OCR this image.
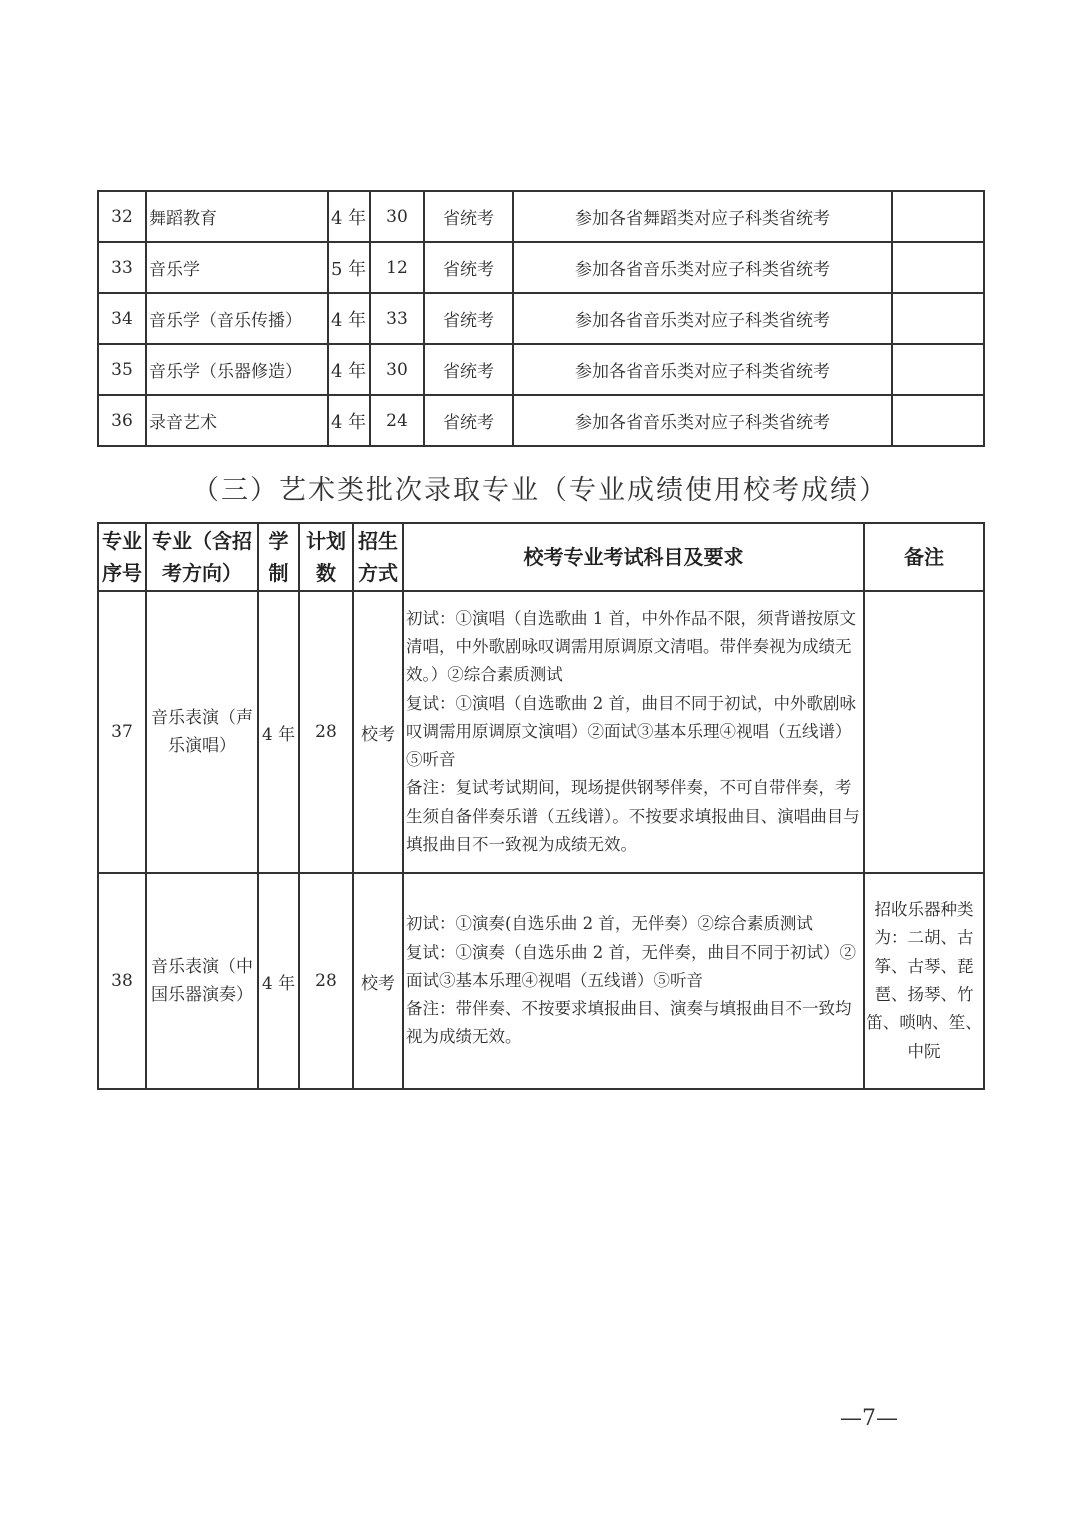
32	舞蹈教育	4 年	30	省统考	参加各省舞蹈类对应子科类省统考	
33	音乐学	5 年	12	省统考	参加各省音乐类对应子科类省统考	
34	音乐学（音乐传播）	4 年	33	省统考	参加各省音乐类对应子科类省统考	
35	音乐学（乐器修造）	4 年	30	省统考	参加各省音乐类对应子科类省统考	
36	录音艺术	4 年	24	省统考	参加各省音乐类对应子科类省统考	
（三）艺术类批次录取专业（专业成绩使用校考成绩）
专业序号	专业（含招考方向）	学制	计划数	招生方式	校考专业考试科目及要求	备注
37	音乐表演（声乐演唱）	4 年	28	校考	初试：①演唱（自选歌曲 1 首，中外作品不限，须背谱按原文清唱，中外歌剧咏叹调需用原调原文清唱。带伴奏视为成绩无效。）②综合素质测试

复试：①演唱（自选歌曲 2 首，曲目不同于初试，中外歌剧咏叹调需用原调原文演唱）②面试③基本乐理④视唱（五线谱）⑤听音

备注：复试考试期间，现场提供钢琴伴奏，不可自带伴奏，考生须自备伴奏乐谱（五线谱）。不按要求填报曲目、演唱曲目与填报曲目不一致视为成绩无效。	

38	音乐表演（中国乐器演奏）	4 年	28	校考	初试：①演奏(自选乐曲 2 首，无伴奏）②综合素质测试

复试：①演奏（自选乐曲 2 首，无伴奏，曲目不同于初试）②面试③基本乐理④视唱（五线谱）⑤听音

备注：带伴奏、不按要求填报曲目、演奏与填报曲目不一致均视为成绩无效。	招收乐器种类为：二胡、古筝、古琴、琵琶、扬琴、竹笛、唢呐、笙、中阮
—7—
